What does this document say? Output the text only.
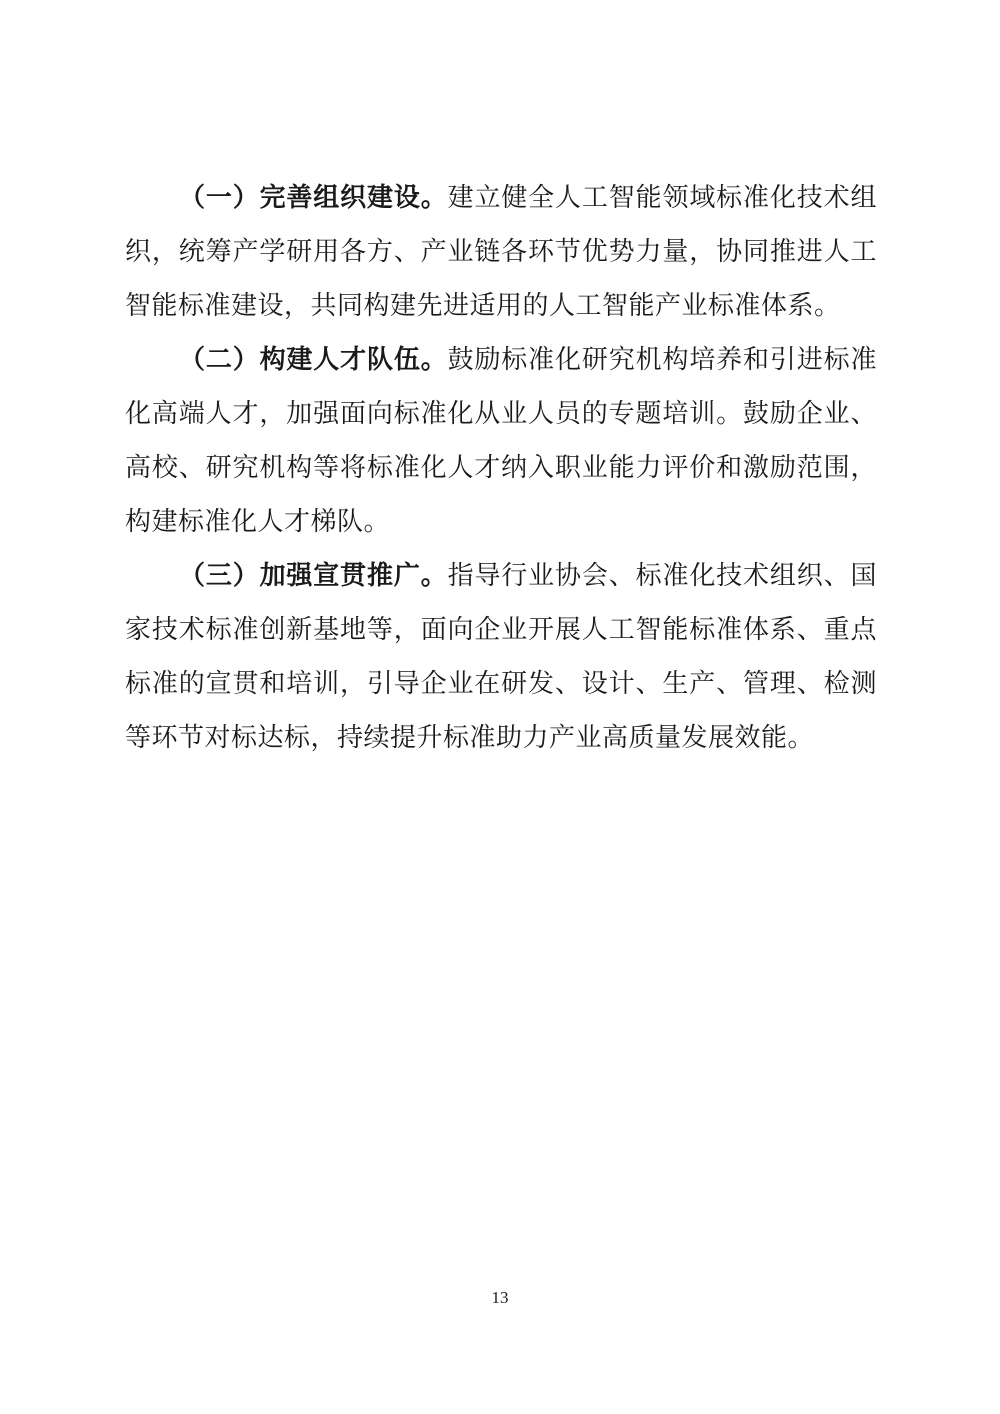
（一）完善组织建设。建立健全人工智能领域标准化技术组织，统筹产学研用各方、产业链各环节优势力量，协同推进人工智能标准建设，共同构建先进适用的人工智能产业标准体系。

（二）构建人才队伍。鼓励标准化研究机构培养和引进标准化高端人才，加强面向标准化从业人员的专题培训。鼓励企业、高校、研究机构等将标准化人才纳入职业能力评价和激励范围，构建标准化人才梯队。

（三）加强宣贯推广。指导行业协会、标准化技术组织、国家技术标准创新基地等，面向企业开展人工智能标准体系、重点标准的宣贯和培训，引导企业在研发、设计、生产、管理、检测等环节对标达标，持续提升标准助力产业高质量发展效能。

13
